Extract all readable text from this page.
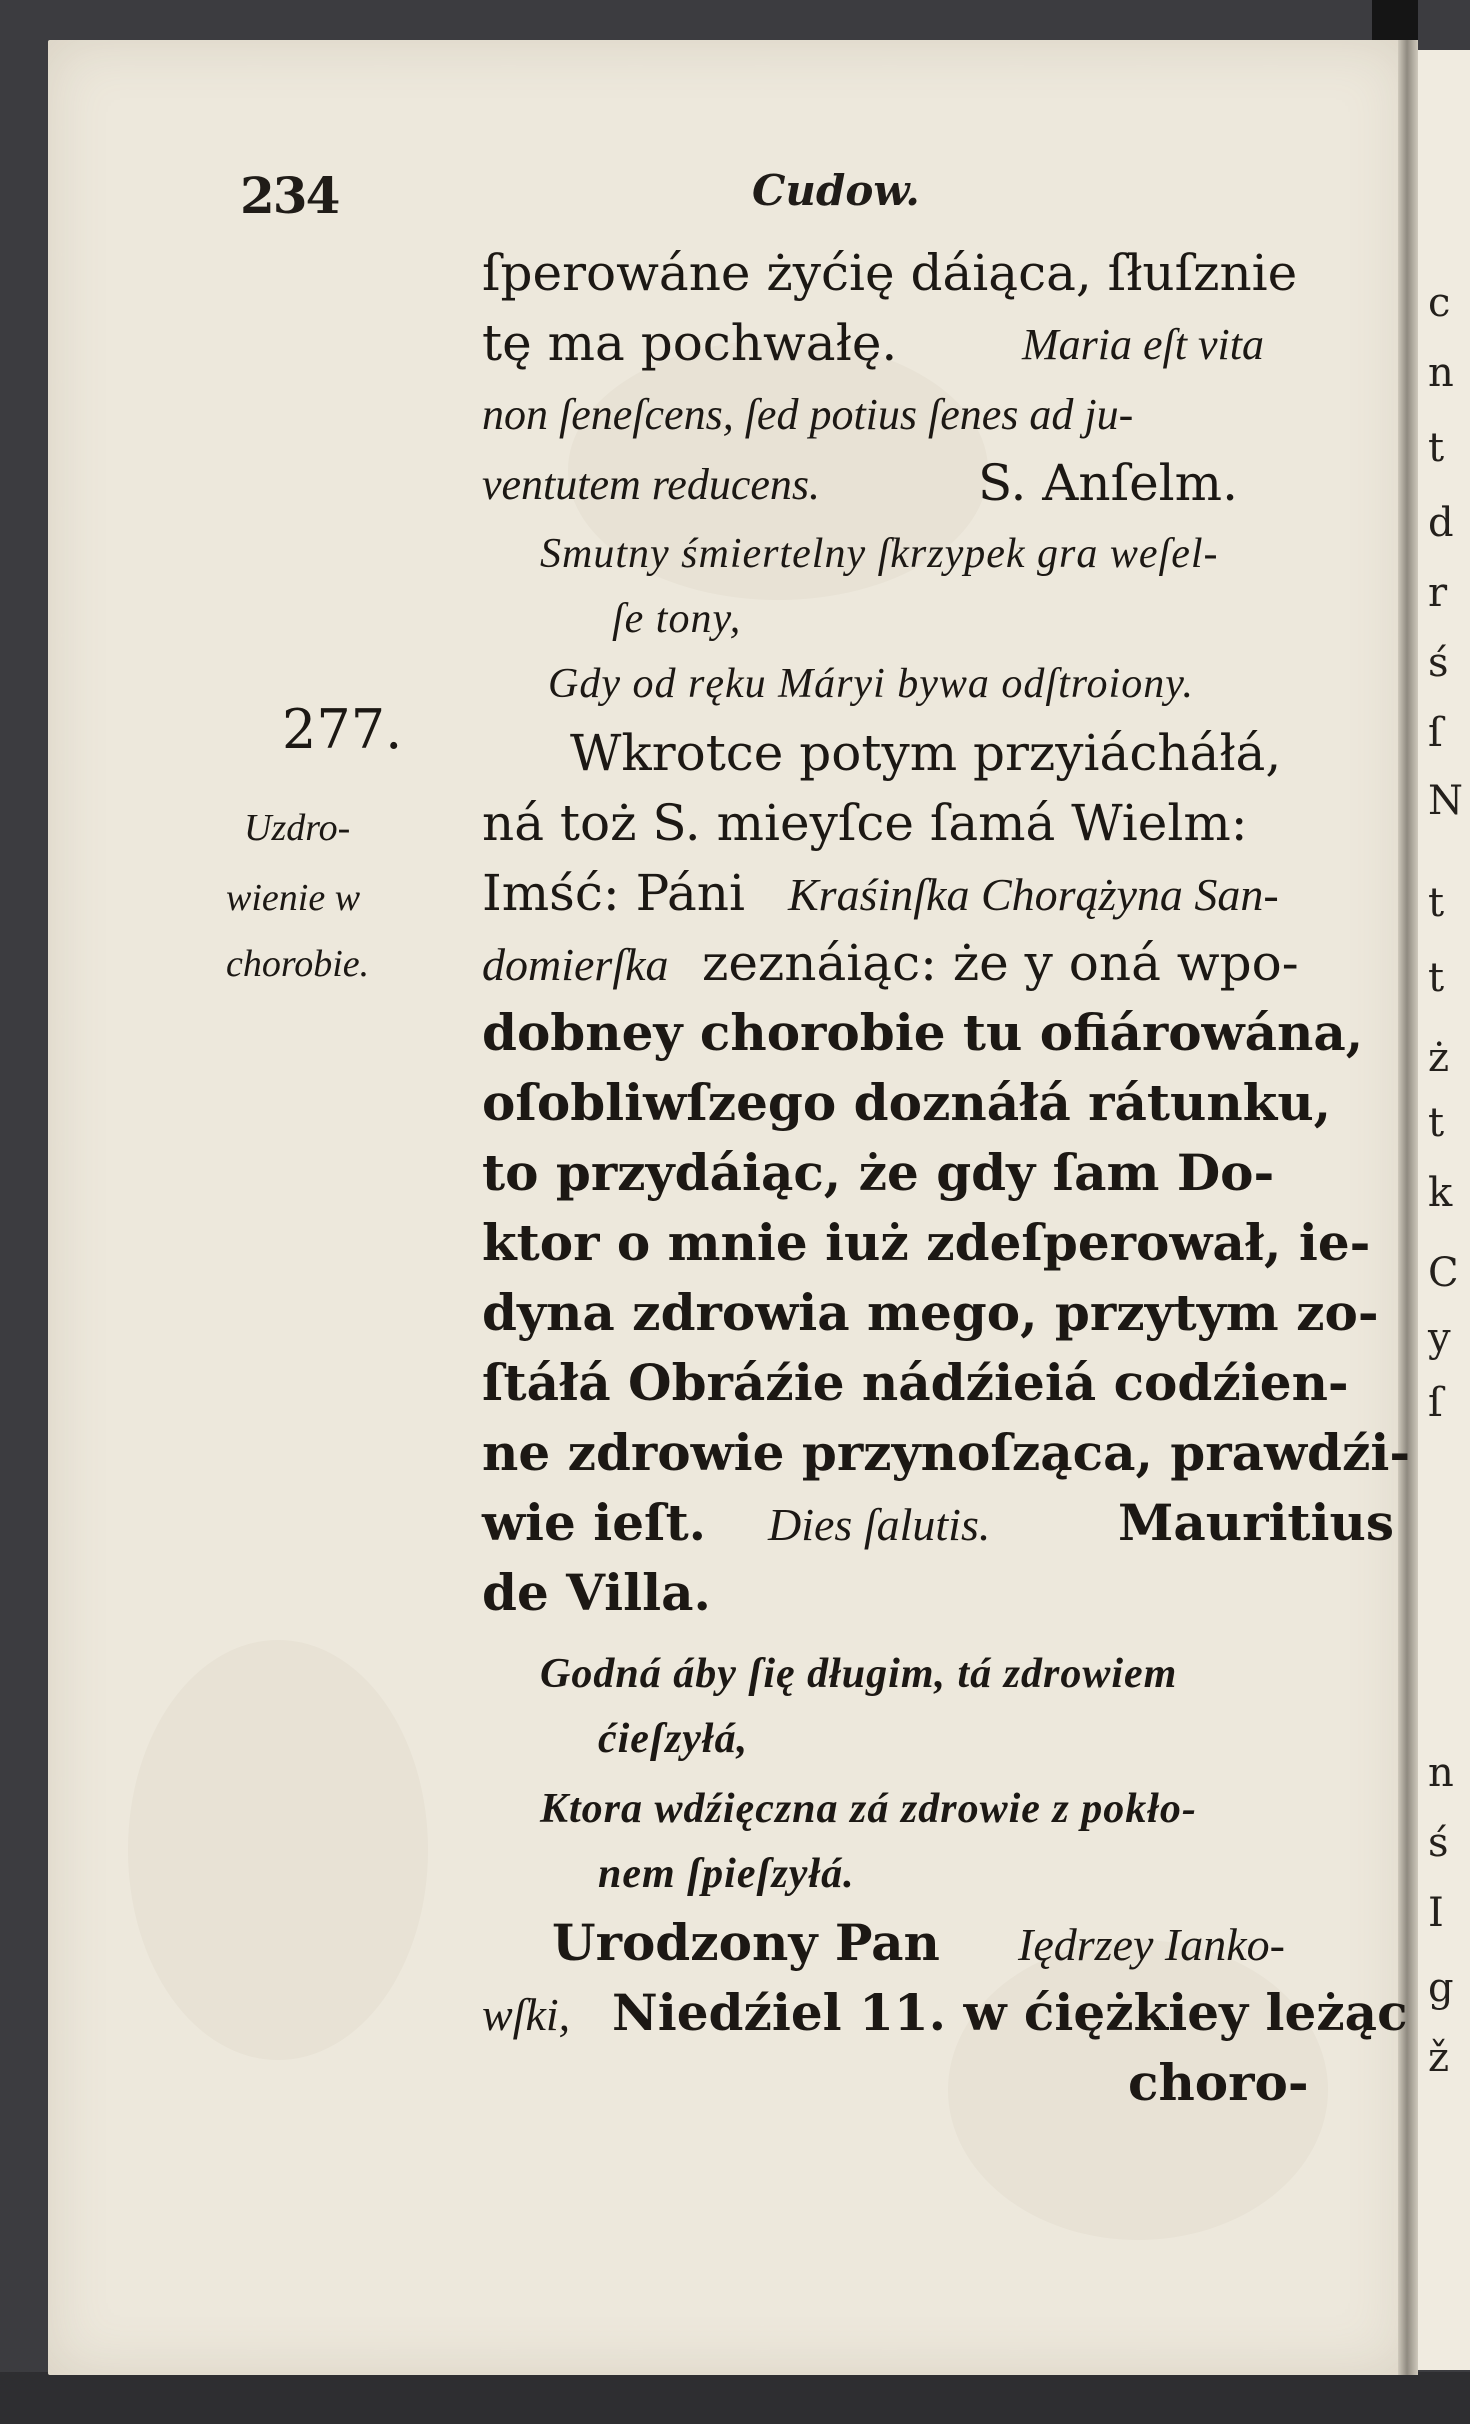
c
n
t
d
r
ś
ſ
N
t
t
ż
t
k
C
y
ſ
n
ś
I
g
ž
234	Cudow.
ſperowáne żyćię dáiąca, ſłuſznie
tę ma pochwałę.	Maria eſt vita
non ſeneſcens, ſed potius ſenes ad ju-
ventutem reducens.	S. Anſelm.
Smutny śmiertelny ſkrzypek gra weſel-
ſe tony,
Gdy od ręku Máryi bywa odſtroiony.
Wkrotce potym przyiácháłá,
ná toż S. mieyſce ſamá Wielm:
Imść: Páni Kraśinſka Chorążyna San-
domierſka zeznáiąc: że y oná wpo-
dobney chorobie tu ofiárowána,
oſobliwſzego doznáłá rátunku,
to przydáiąc, że gdy ſam Do-
ktor o mnie iuż zdeſperował, ie-
dyna zdrowia mego, przytym zo-
ſtáłá Obráźie nádźieiá codźien-
ne zdrowie przynoſząca, prawdźi-
wie ieſt. Dies ſalutis.	Mauritius
de Villa.
Godná áby ſię długim, tá zdrowiem
ćieſzyłá,
Ktora wdźięczna zá zdrowie z pokło-
nem ſpieſzyłá.
Urodzony Pan Iędrzey Ianko-
wſki, Niedźiel 11. w ćiężkiey leżąc
choro-
277.
Uzdro-
wienie w
chorobie.
